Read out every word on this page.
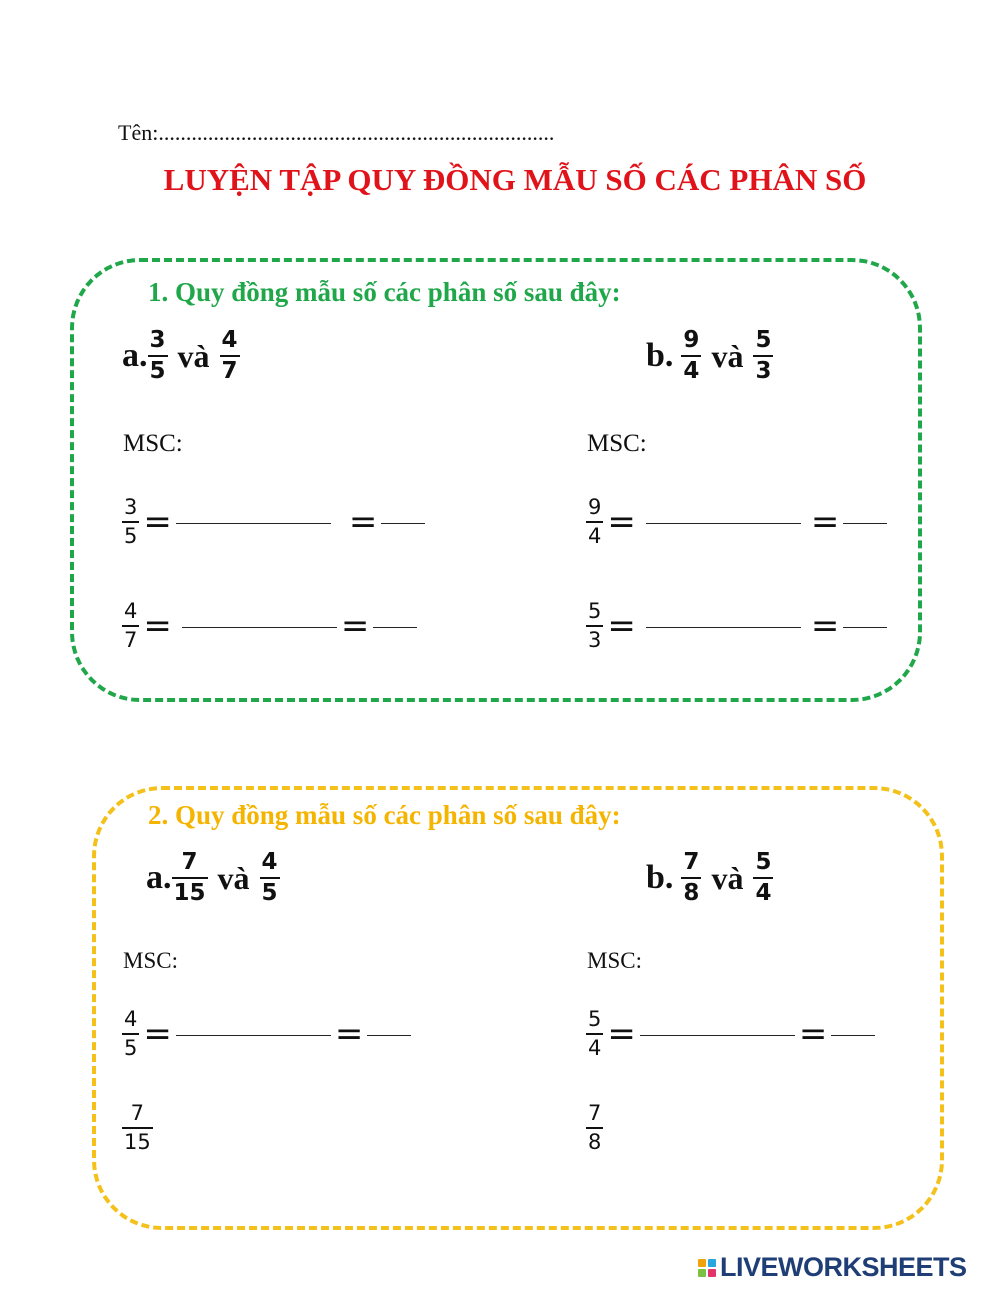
Tên:........................................................................
LUYỆN TẬP QUY ĐỒNG MẪU SỐ CÁC PHÂN SỐ
1. Quy đồng mẫu số các phân số sau đây:
a. $\frac{3}{5}$ và $\frac{4}{7}$	b. $\frac{9}{4}$ và $\frac{5}{3}$
MSC:	MSC:
$\frac{3}{5}$ =	=
$\frac{4}{7}$ =	=
$\frac{9}{4}$ =	=
$\frac{5}{3}$ =	=
2. Quy đồng mẫu số các phân số sau đây:
a. $\frac{7}{15}$ và $\frac{4}{5}$	b. $\frac{7}{8}$ và $\frac{5}{4}$
MSC:	MSC:
$\frac{4}{5}$ =	=
$\frac{7}{15}$
$\frac{5}{4}$ =	=
$\frac{7}{8}$
LIVEWORKSHEETS
